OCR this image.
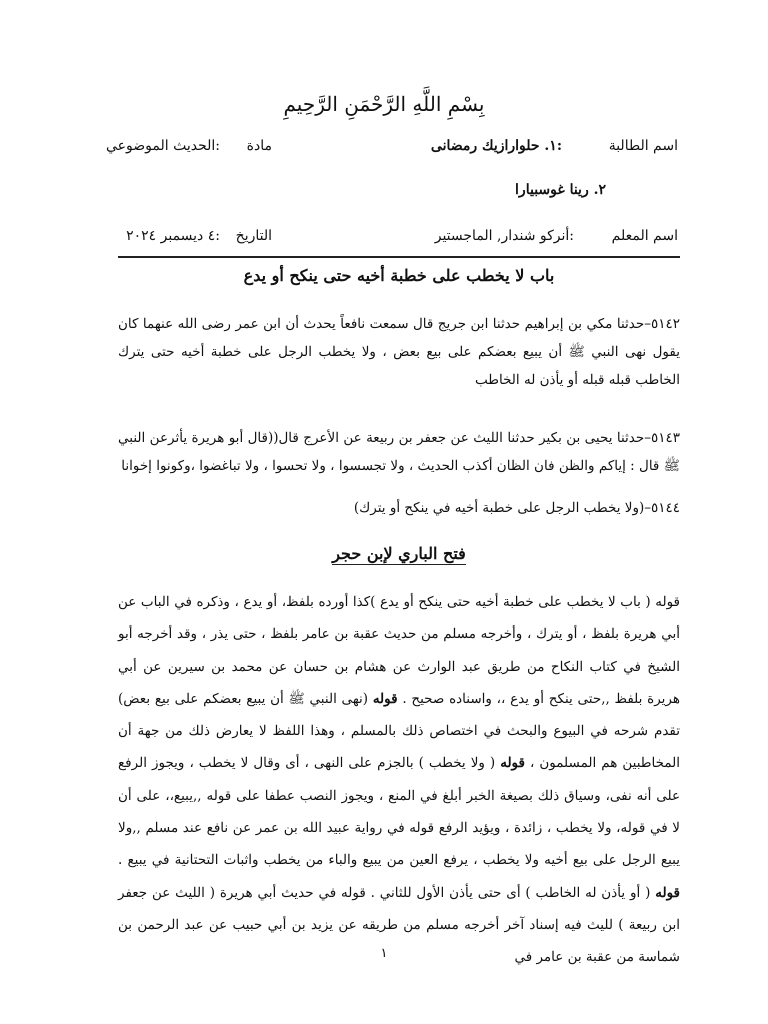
بِسْمِ اللَّهِ الرَّحْمَنِ الرَّحِيمِ
اسم الطالبة
:١. حلوارازيك رمضانى
مادة
:الحديث الموضوعي
٢. رينا غوسبيارا
اسم المعلم
:أنركو شندار, الماجستير
التاريخ
:٤ ديسمبر ٢٠٢٤
باب لا يخطب على خطبة أخيه حتى ينكح أو يدع
٥١٤٢–حدثنا مكي بن إبراهيم حدثنا ابن جريج قال سمعت نافعاً يحدث أن ابن عمر رضى الله عنهما كان يقول نهى النبي ﷺ أن يبيع بعضكم على بيع بعض ، ولا يخطب الرجل على خطبة أخيه حتى يترك الخاطب قبله قبله أو يأذن له الخاطب
٥١٤٣–حدثنا يحيى بن بكير حدثنا الليث عن جعفر بن ربيعة عن الأعرج قال((قال أبو هريرة يأثرعن النبي ﷺ قال : إياكم والظن فان الظان أكذب الحديث ، ولا تجسسوا ، ولا تحسوا ، ولا تباغضوا ،وكونوا إخوانا
٥١٤٤–(ولا يخطب الرجل على خطبة أخيه في ينكح أو يترك)
فتح الباري لإبن حجر
قوله ( باب لا يخطب على خطبة أخيه حتى ينكح أو يدع )كذا أورده بلفظ، أو يدع ، وذكره في الباب عن أبي هريرة بلفظ ، أو يترك ، وأخرجه مسلم من حديث عقبة بن عامر بلفظ ، حتى يذر ، وقد أخرجه أبو الشيخ في كتاب النكاح من طريق عبد الوارث عن هشام بن حسان عن محمد بن سيرين عن أبي هريرة بلفظ ,,حتى ينكح أو يدع ،، واسناده صحيح . قوله (نهى النبي ﷺ أن يبيع بعضكم على بيع بعض) تقدم شرحه في البيوع والبحث في اختصاص ذلك بالمسلم ، وهذا اللفظ لا يعارض ذلك من جهة أن المخاطبين هم المسلمون ، قوله ( ولا يخطب ) بالجزم على النهى ، أى وقال لا يخطب ، ويجوز الرفع على أنه نفى، وسياق ذلك بصيغة الخبر أبلغ في المنع ، ويجوز النصب عطفا على قوله ,,يبيع،، على أن لا في قوله، ولا يخطب ، زائدة ، ويؤيد الرفع قوله في رواية عبيد الله بن عمر عن نافع عند مسلم ,,ولا يبيع الرجل على بيع أخيه ولا يخطب ، يرفع العين من يبيع والباء من يخطب واثبات التحتانية في يبيع . قوله ( أو يأذن له الخاطب ) أى حتى يأذن الأول للثاني . قوله في حديث أبي هريرة ( الليث عن جعفر ابن ربيعة ) لليث فيه إسناد آخر أخرجه مسلم من طريقه عن يزيد بن أبي حبيب عن عبد الرحمن بن شماسة من عقبة بن عامر في
١
